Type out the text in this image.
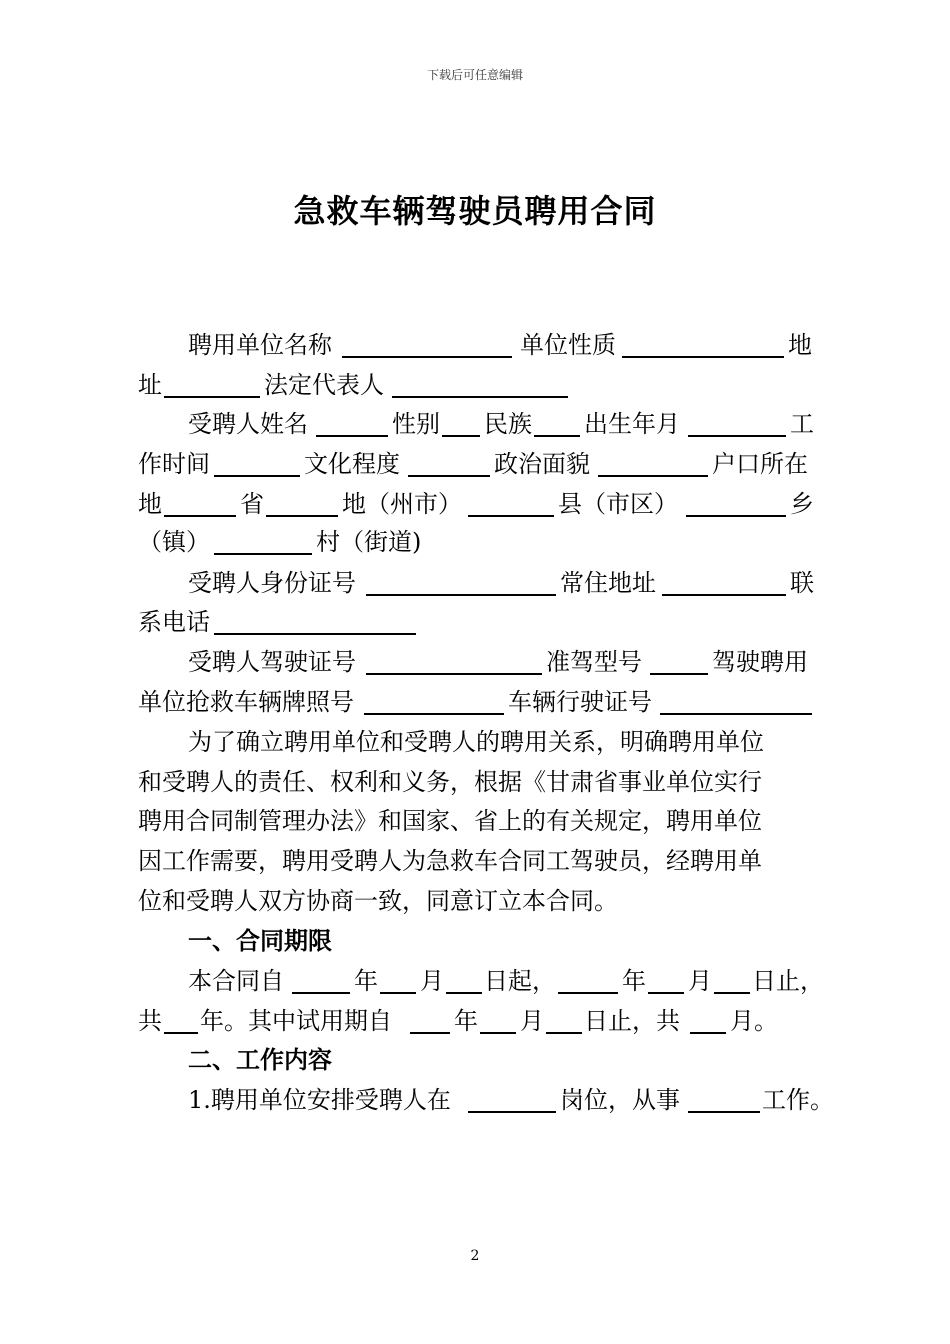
下载后可任意编辑
急救车辆驾驶员聘用合同
聘用单位名称	单位性质	地
址	法定代表人
受聘人姓名	性别 民族 出生年月	工
作时间	文化程度	政治面貌	户口所在
地	省	地（州市）	县（市区）	乡
（镇）	村（街道)
受聘人身份证号	常住地址	联
系电话
受聘人驾驶证号	准驾型号	驾驶聘用
单位抢救车辆牌照号	车辆行驶证号
为了确立聘用单位和受聘人的聘用关系，明确聘用单位
和受聘人的责任、权利和义务，根据《甘肃省事业单位实行
聘用合同制管理办法》和国家、省上的有关规定，聘用单位
因工作需要，聘用受聘人为急救车合同工驾驶员，经聘用单
位和受聘人双方协商一致，同意订立本合同。
一、合同期限
本合同自	年 月 日起，	年 月 日止，
共 年。其中试用期自	年 月 日止，共 月。
二、工作内容
1.聘用单位安排受聘人在	岗位，从事	工作。
2
